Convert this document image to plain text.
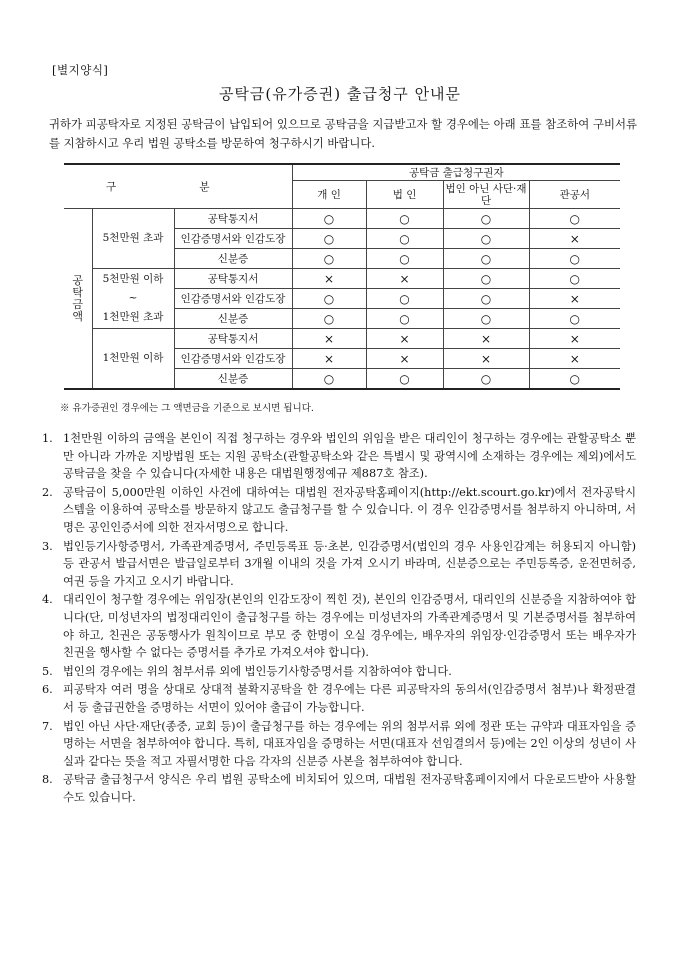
[별지양식]
공탁금(유가증권) 출급청구 안내문
귀하가 피공탁자로 지정된 공탁금이 납입되어 있으므로 공탁금을 지급받고자 할 경우에는 아래 표를 참조하여 구비서류를 지참하시고 우리 법원 공탁소를 방문하여 청구하시기 바랍니다.
구 분			공탁금 출급청구권자			
			개 인	법 인	법인 아닌 사단·재단	관공서

공
탁
금
액	5천만원 초과	공탁통지서	○	○	○	○
		인감증명서와 인감도장	○	○	○	×
		신분증	○	○	○	○

	5천만원 이하
~
1천만원 초과	공탁통지서	×	×	○	○
		인감증명서와 인감도장	○	○	○	×
		신분증	○	○	○	○

	1천만원 이하	공탁통지서	×	×	×	×
		인감증명서와 인감도장	×	×	×	×
		신분증	○	○	○	○
※ 유가증권인 경우에는 그 액면금을 기준으로 보시면 됩니다.
1. 1천만원 이하의 금액을 본인이 직접 청구하는 경우와 법인의 위임을 받은 대리인이 청구하는 경우에는 관할공탁소 뿐만 아니라 가까운 지방법원 또는 지원 공탁소(관할공탁소와 같은 특별시 및 광역시에 소재하는 경우에는 제외)에서도 공탁금을 찾을 수 있습니다(자세한 내용은 대법원행정예규 제887호 참조).
2. 공탁금이 5,000만원 이하인 사건에 대하여는 대법원 전자공탁홈페이지(http://ekt.scourt.go.kr)에서 전자공탁시스템을 이용하여 공탁소를 방문하지 않고도 출급청구를 할 수 있습니다. 이 경우 인감증명서를 첨부하지 아니하며, 서명은 공인인증서에 의한 전자서명으로 합니다.
3. 법인등기사항증명서, 가족관계증명서, 주민등록표 등·초본, 인감증명서(법인의 경우 사용인감계는 허용되지 아니함) 등 관공서 발급서면은 발급일로부터 3개월 이내의 것을 가져 오시기 바라며, 신분증으로는 주민등록증, 운전면허증, 여권 등을 가지고 오시기 바랍니다.
4. 대리인이 청구할 경우에는 위임장(본인의 인감도장이 찍힌 것), 본인의 인감증명서, 대리인의 신분증을 지참하여야 합니다(단, 미성년자의 법정대리인이 출급청구를 하는 경우에는 미성년자의 가족관계증명서 및 기본증명서를 첨부하여야 하고, 친권은 공동행사가 원칙이므로 부모 중 한명이 오실 경우에는, 배우자의 위임장·인감증명서 또는 배우자가 친권을 행사할 수 없다는 증명서를 추가로 가져오셔야 합니다).
5. 법인의 경우에는 위의 첨부서류 외에 법인등기사항증명서를 지참하여야 합니다.
6. 피공탁자 여러 명을 상대로 상대적 불확지공탁을 한 경우에는 다른 피공탁자의 동의서(인감증명서 첨부)나 확정판결서 등 출급권한을 증명하는 서면이 있어야 출급이 가능합니다.
7. 법인 아닌 사단·재단(종중, 교회 등)이 출급청구를 하는 경우에는 위의 첨부서류 외에 정관 또는 규약과 대표자임을 증명하는 서면을 첨부하여야 합니다. 특히, 대표자임을 증명하는 서면(대표자 선임결의서 등)에는 2인 이상의 성년이 사실과 같다는 뜻을 적고 자필서명한 다음 각자의 신분증 사본을 첨부하여야 합니다.
8. 공탁금 출급청구서 양식은 우리 법원 공탁소에 비치되어 있으며, 대법원 전자공탁홈페이지에서 다운로드받아 사용할 수도 있습니다.
